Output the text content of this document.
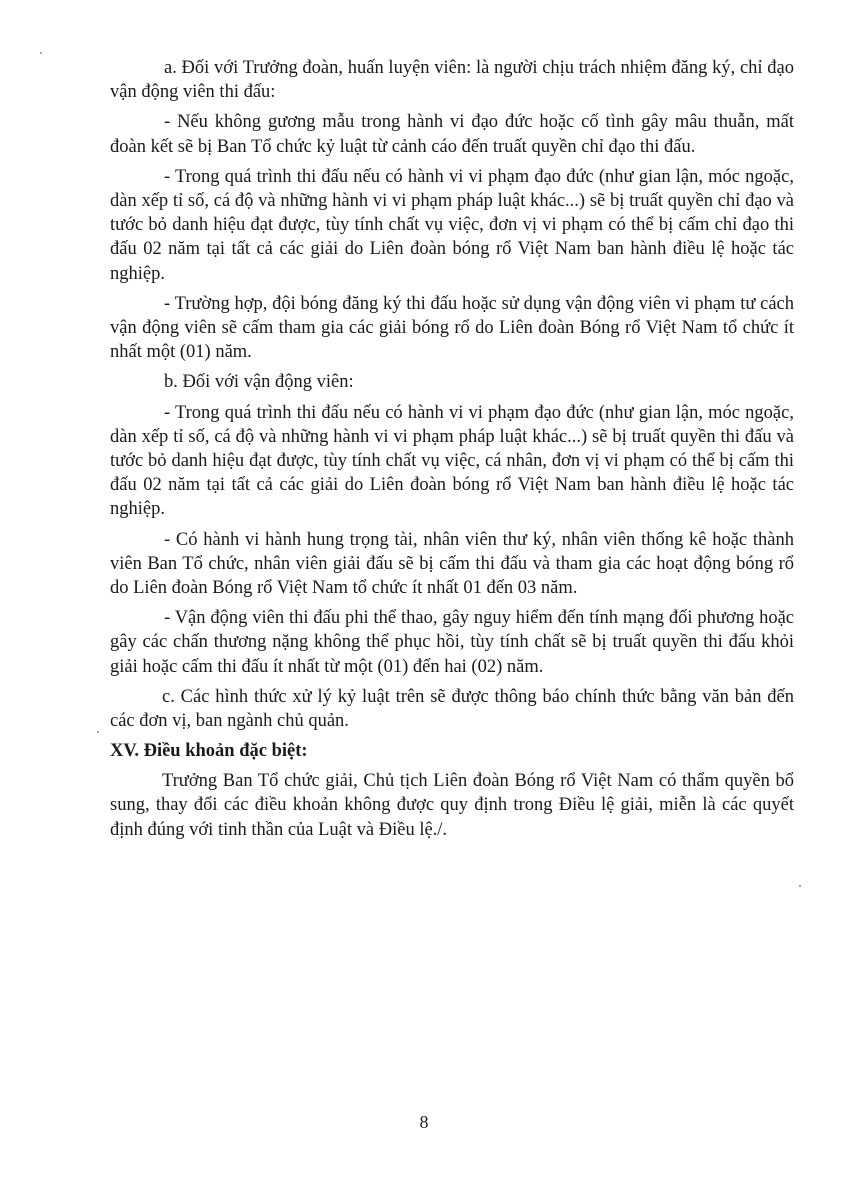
a. Đối với Trưởng đoàn, huấn luyện viên: là người chịu trách nhiệm đăng ký, chỉ đạo vận động viên thi đấu:

- Nếu không gương mẫu trong hành vi đạo đức hoặc cố tình gây mâu thuẫn, mất đoàn kết sẽ bị Ban Tổ chức kỷ luật từ cảnh cáo đến truất quyền chỉ đạo thi đấu.

- Trong quá trình thi đấu nếu có hành vi vi phạm đạo đức (như gian lận, móc ngoặc, dàn xếp tỉ số, cá độ và những hành vi vi phạm pháp luật khác...) sẽ bị truất quyền chỉ đạo và tước bỏ danh hiệu đạt được, tùy tính chất vụ việc, đơn vị vi phạm có thể bị cấm chỉ đạo thi đấu 02 năm tại tất cả các giải do Liên đoàn bóng rổ Việt Nam ban hành điều lệ hoặc tác nghiệp.

- Trường hợp, đội bóng đăng ký thi đấu hoặc sử dụng vận động viên vi phạm tư cách vận động viên sẽ cấm tham gia các giải bóng rổ do Liên đoàn Bóng rổ Việt Nam tổ chức ít nhất một (01) năm.

b. Đối với vận động viên:

- Trong quá trình thi đấu nếu có hành vi vi phạm đạo đức (như gian lận, móc ngoặc, dàn xếp tỉ số, cá độ và những hành vi vi phạm pháp luật khác...) sẽ bị truất quyền thi đấu và tước bỏ danh hiệu đạt được, tùy tính chất vụ việc, cá nhân, đơn vị vi phạm có thể bị cấm thi đấu 02 năm tại tất cả các giải do Liên đoàn bóng rổ Việt Nam ban hành điều lệ hoặc tác nghiệp.

- Có hành vi hành hung trọng tài, nhân viên thư ký, nhân viên thống kê hoặc thành viên Ban Tổ chức, nhân viên giải đấu sẽ bị cấm thi đấu và tham gia các hoạt động bóng rổ do Liên đoàn Bóng rổ Việt Nam tổ chức ít nhất 01 đến 03 năm.

- Vận động viên thi đấu phi thể thao, gây nguy hiểm đến tính mạng đối phương hoặc gây các chấn thương nặng không thể phục hồi, tùy tính chất sẽ bị truất quyền thi đấu khỏi giải hoặc cấm thi đấu ít nhất từ một (01) đến hai (02) năm.

c. Các hình thức xử lý kỷ luật trên sẽ được thông báo chính thức bằng văn bản đến các đơn vị, ban ngành chủ quản.

XV. Điều khoản đặc biệt:

Trưởng Ban Tổ chức giải, Chủ tịch Liên đoàn Bóng rổ Việt Nam có thẩm quyền bổ sung, thay đổi các điều khoản không được quy định trong Điều lệ giải, miễn là các quyết định đúng với tinh thần của Luật và Điều lệ./.

8
